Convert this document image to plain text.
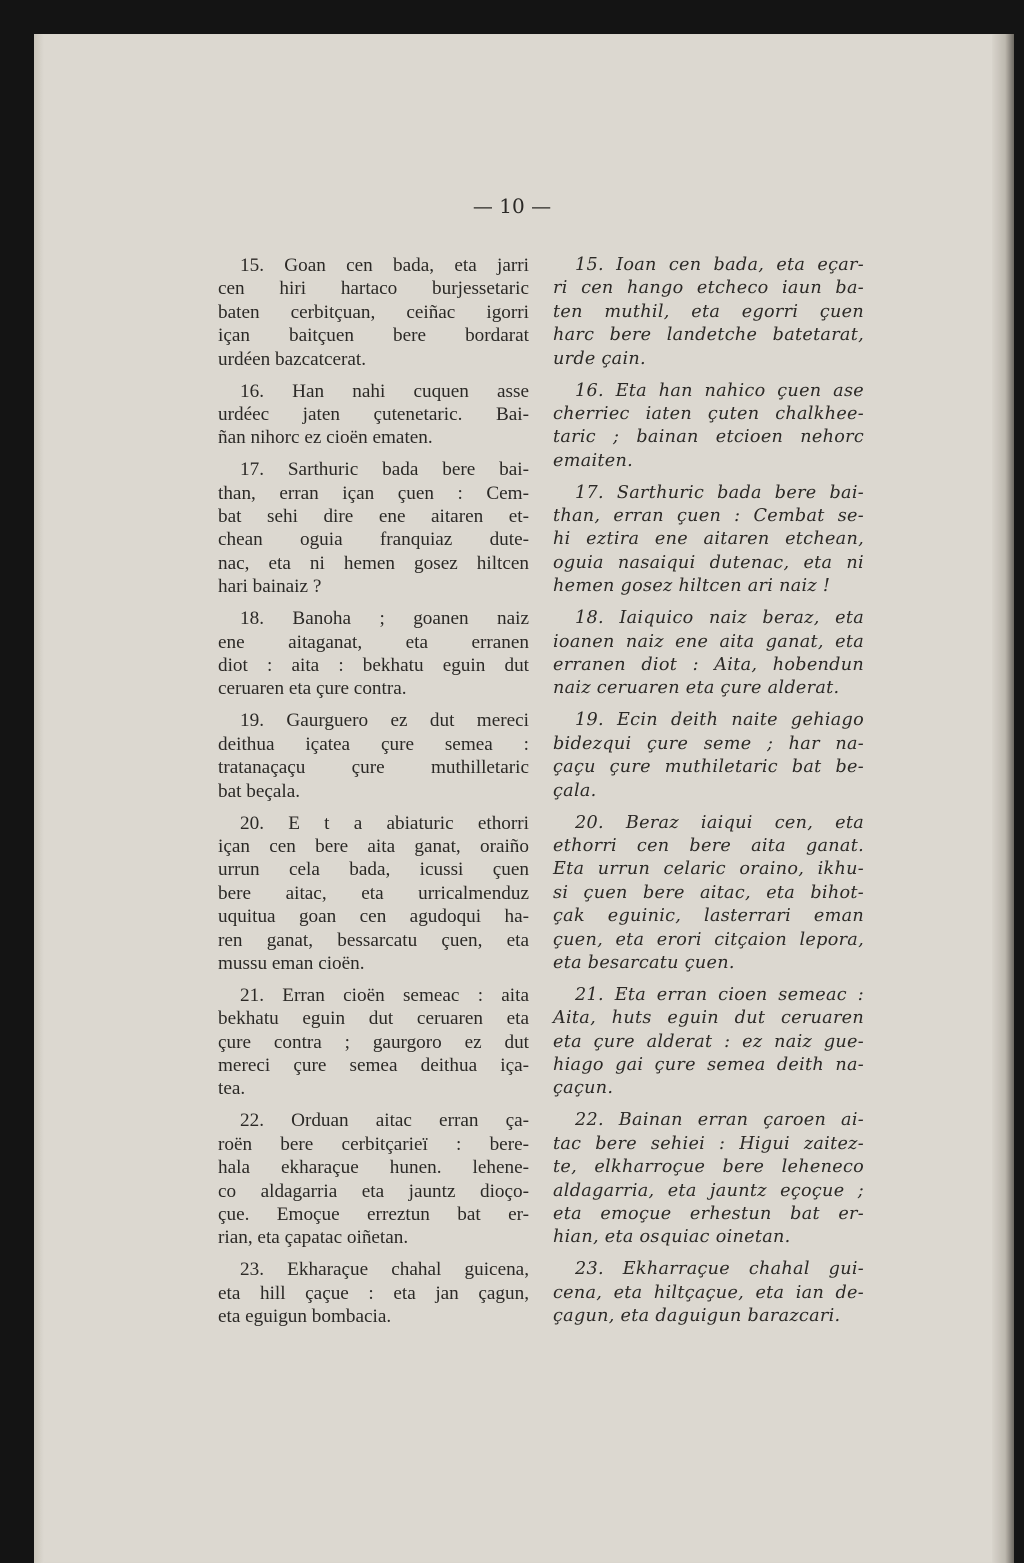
— 10 —
15. Goan cen bada, eta jarri
cen hiri hartaco burjessetaric
baten cerbitçuan, ceiñac igorri
içan baitçuen bere bordarat
urdéen bazcatcerat.
16. Han nahi cuquen asse
urdéec jaten çutenetaric. Bai-
ñan nihorc ez cioën ematen.
17. Sarthuric bada bere bai-
than, erran içan çuen : Cem-
bat sehi dire ene aitaren et-
chean oguia franquiaz dute-
nac, eta ni hemen gosez hiltcen
hari bainaiz ?
18. Banoha ; goanen naiz
ene aitaganat, eta erranen
diot : aita : bekhatu eguin dut
ceruaren eta çure contra.
19. Gaurguero ez dut mereci
deithua içatea çure semea :
tratanaçaçu çure muthilletaric
bat beçala.
20. E t a abiaturic ethorri
içan cen bere aita ganat, oraiño
urrun cela bada, icussi çuen
bere aitac, eta urricalmenduz
uquitua goan cen agudoqui ha-
ren ganat, bessarcatu çuen, eta
mussu eman cioën.
21. Erran cioën semeac : aita
bekhatu eguin dut ceruaren eta
çure contra ; gaurgoro ez dut
mereci çure semea deithua iça-
tea.
22. Orduan aitac erran ça-
roën bere cerbitçarieï : bere-
hala ekharaçue hunen. lehene-
co aldagarria eta jauntz dioço-
çue. Emoçue erreztun bat er-
rian, eta çapatac oiñetan.
23. Ekharaçue chahal guicena,
eta hill çaçue : eta jan çagun,
eta eguigun bombacia.
15. Ioan cen bada, eta eçar-
ri cen hango etcheco iaun ba-
ten muthil, eta egorri çuen
harc bere landetche batetarat,
urde çain.
16. Eta han nahico çuen ase
cherriec iaten çuten chalkhee-
taric ; bainan etcioen nehorc
emaiten.
17. Sarthuric bada bere bai-
than, erran çuen : Cembat se-
hi eztira ene aitaren etchean,
oguia nasaiqui dutenac, eta ni
hemen gosez hiltcen ari naiz !
18. Iaiquico naiz beraz, eta
ioanen naiz ene aita ganat, eta
erranen diot : Aita, hobendun
naiz ceruaren eta çure alderat.
19. Ecin deith naite gehiago
bidezqui çure seme ; har na-
çaçu çure muthiletaric bat be-
çala.
20. Beraz iaiqui cen, eta
ethorri cen bere aita ganat.
Eta urrun celaric oraino, ikhu-
si çuen bere aitac, eta bihot-
çak eguinic, lasterrari eman
çuen, eta erori citçaion lepora,
eta besarcatu çuen.
21. Eta erran cioen semeac :
Aita, huts eguin dut ceruaren
eta çure alderat : ez naiz gue-
hiago gai çure semea deith na-
çaçun.
22. Bainan erran çaroen ai-
tac bere sehiei : Higui zaitez-
te, elkharroçue bere leheneco
aldagarria, eta jauntz eçoçue ;
eta emoçue erhestun bat er-
hian, eta osquiac oinetan.
23. Ekharraçue chahal gui-
cena, eta hiltçaçue, eta ian de-
çagun, eta daguigun barazcari.
